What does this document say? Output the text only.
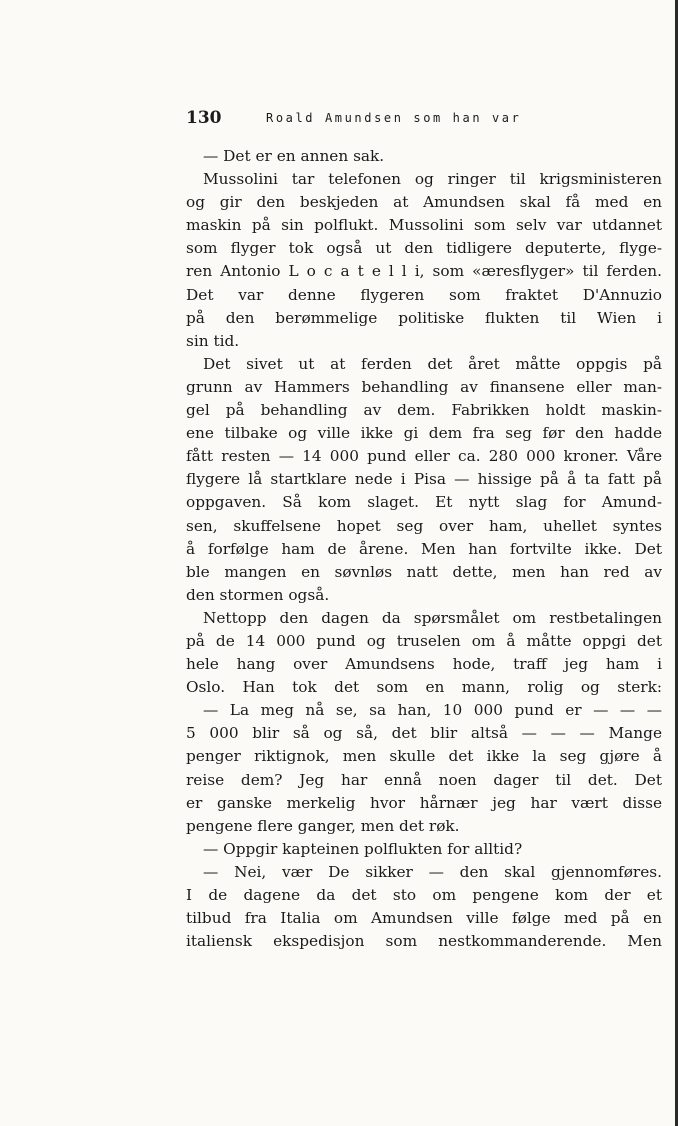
130	Roald Amundsen som han var
— Det er en annen sak.
Mussolini tar telefonen og ringer til krigsministeren
og gir den beskjeden at Amundsen skal få med en
maskin på sin polflukt. Mussolini som selv var utdannet
som flyger tok også ut den tidligere deputerte, flyge-
ren Antonio L o c a t e l l i, som «æresflyger» til ferden.
Det var denne flygeren som fraktet D'Annuzio
på den berømmelige politiske flukten til Wien i
sin tid.
Det sivet ut at ferden det året måtte oppgis på
grunn av Hammers behandling av finansene eller man-
gel på behandling av dem. Fabrikken holdt maskin-
ene tilbake og ville ikke gi dem fra seg før den hadde
fått resten — 14 000 pund eller ca. 280 000 kroner. Våre
flygere lå startklare nede i Pisa — hissige på å ta fatt på
oppgaven. Så kom slaget. Et nytt slag for Amund-
sen, skuffelsene hopet seg over ham, uhellet syntes
å forfølge ham de årene. Men han fortvilte ikke. Det
ble mangen en søvnløs natt dette, men han red av
den stormen også.
Nettopp den dagen da spørsmålet om restbetalingen
på de 14 000 pund og truselen om å måtte oppgi det
hele hang over Amundsens hode, traff jeg ham i
Oslo. Han tok det som en mann, rolig og sterk:
— La meg nå se, sa han, 10 000 pund er — — —
5 000 blir så og så, det blir altså — — — Mange
penger riktignok, men skulle det ikke la seg gjøre å
reise dem? Jeg har ennå noen dager til det. Det
er ganske merkelig hvor hårnær jeg har vært disse
pengene flere ganger, men det røk.
— Oppgir kapteinen polflukten for alltid?
— Nei, vær De sikker — den skal gjennomføres.
I de dagene da det sto om pengene kom der et
tilbud fra Italia om Amundsen ville følge med på en
italiensk ekspedisjon som nestkommanderende. Men
